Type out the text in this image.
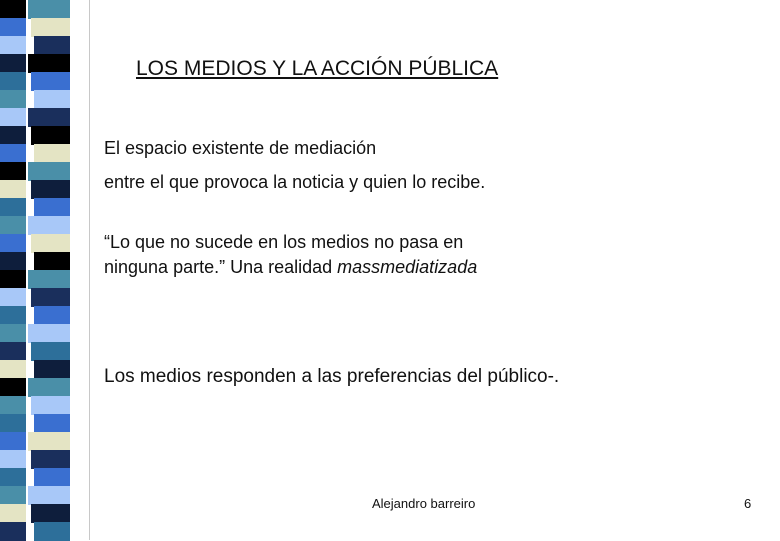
LOS MEDIOS Y LA ACCIÓN PÚBLICA
El espacio existente de mediación
entre el que provoca la noticia y quien lo recibe.
“Lo que no sucede en los medios no pasa en
ninguna parte.” Una realidad massmediatizada
Los medios responden a las preferencias del público-.
Alejandro barreiro	6
